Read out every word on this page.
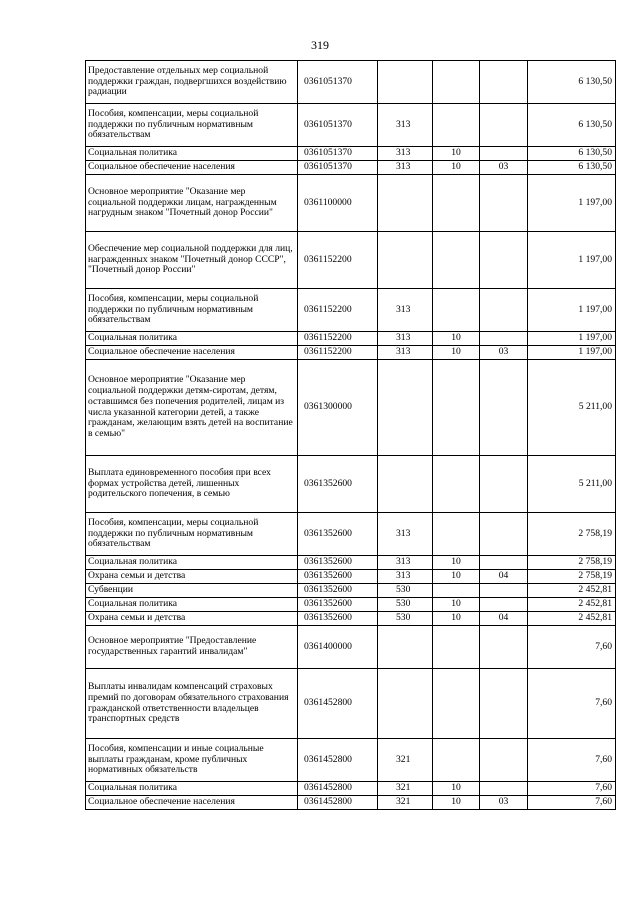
319
Предоставление отдельных мер социальной поддержки граждан, подвергшихся воздействию радиации	0361051370				6 130,50
Пособия, компенсации, меры социальной поддержки по публичным нормативным обязательствам	0361051370	313			6 130,50
Социальная политика	0361051370	313	10		6 130,50
Социальное обеспечение населения	0361051370	313	10	03	6 130,50
Основное мероприятие "Оказание мер социальной поддержки лицам, награжденным нагрудным знаком "Почетный донор России"	0361100000				1 197,00
Обеспечение мер социальной поддержки для лиц, награжденных знаком "Почетный донор СССР", "Почетный донор России"	0361152200				1 197,00
Пособия, компенсации, меры социальной поддержки по публичным нормативным обязательствам	0361152200	313			1 197,00
Социальная политика	0361152200	313	10		1 197,00
Социальное обеспечение населения	0361152200	313	10	03	1 197,00
Основное мероприятие "Оказание мер социальной поддержки детям-сиротам, детям, оставшимся без попечения родителей, лицам из числа указанной категории детей, а также гражданам, желающим взять детей на воспитание в семью"	0361300000				5 211,00
Выплата единовременного пособия при всех формах устройства детей, лишенных родительского попечения, в семью	0361352600				5 211,00
Пособия, компенсации, меры социальной поддержки по публичным нормативным обязательствам	0361352600	313			2 758,19
Социальная политика	0361352600	313	10		2 758,19
Охрана семьи и детства	0361352600	313	10	04	2 758,19
Субвенции	0361352600	530			2 452,81
Социальная политика	0361352600	530	10		2 452,81
Охрана семьи и детства	0361352600	530	10	04	2 452,81
Основное мероприятие "Предоставление государственных гарантий инвалидам"	0361400000				7,60
Выплаты инвалидам компенсаций страховых премий по договорам обязательного страхования гражданской ответственности владельцев транспортных средств	0361452800				7,60
Пособия, компенсации и иные социальные выплаты гражданам, кроме публичных нормативных обязательств	0361452800	321			7,60
Социальная политика	0361452800	321	10		7,60
Социальное обеспечение населения	0361452800	321	10	03	7,60
